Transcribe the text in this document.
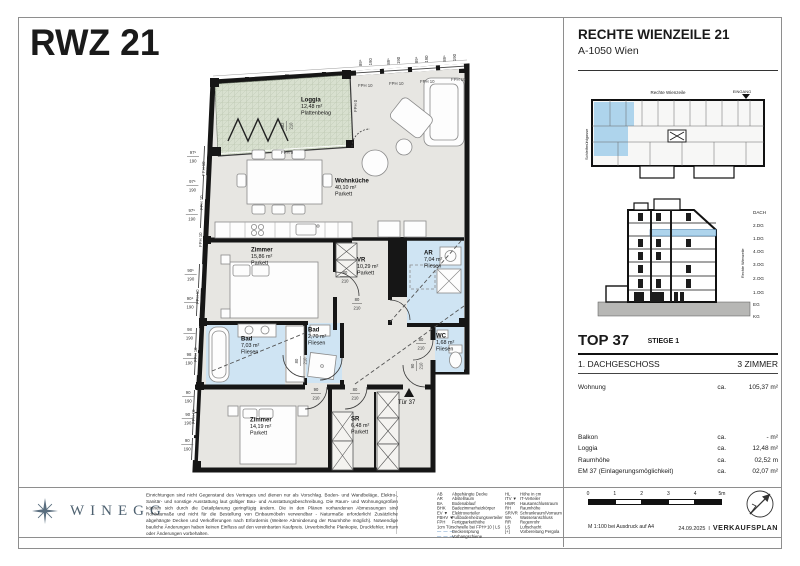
RWZ 21	RECHTE WIENZEILE 21
A-1050 Wien
97⁵
190
97⁵
190
97⁵
190
90⁵
190
90⁵
190
98
190
98
190
90
190
90
190
90
190
89⁵ 190	89⁵ 190	89⁵ 190	89⁵ 190
80
210
80
210
80
210
90 210
80 210
90
210
80
210
482 210
FPH 10	FPH 10	FPH 10	FPH 10
FPH 10
FPH 10
FPH 10
FPH 10
FPH 10
FPH 10
FPH 0
FPH 0
Rechte Wienzeile	EINGANG
Schleifmühlgasse
DACH
2.DG
1.DG
4.OG
3.OG
2.OG
1.OG
EG
KG
Rechte Wienzeile
Loggia
12,48 m²
Plattenbelag
Wohnküche
40,10 m²
Parkett
Zimmer
15,86 m²
Parkett
VR
10,29 m²
Parkett
AR
7,04 m²
Fliesen
Bad
7,03 m²
Fliesen
Bad
2,70 m²
Fliesen
WC
1,68 m²
Fliesen
Zimmer
14,19 m²
Parkett
SR
6,48 m²
Parkett
Tür 37
TOP 37	STIEGE 1
1. DACHGESCHOSS	3 ZIMMER
Wohnung	ca.	105,37 m²
Balkon	ca.	- m²
Loggia	ca.	12,48 m²
Raumhöhe	ca.	02,52 m
EM 37 (Einlagerungsmöglichkeit)	ca.	02,07 m²
WINEGG
Einrichtungen sind nicht Gegenstand des Vertrages und dienen nur als Vorschlag. Boden- und Wandbeläge, Elektro-, Sanitär- und sonstige Ausstattung laut gültiger Bau- und Ausstattungsbeschreibung. Die Raum- und Wohnungsgrößen können sich durch die Detailplanung geringfügig ändern. Die in den Plänen vorhandenen Abmessungen sind Rohbaumaße und nicht für die Bestellung von Einbaumöbeln verwendbar - Naturmaße erforderlich! Zusätzliche abgehängte Decken und Verkofferungen nach Erfordernis (Weitere Abminderung der Raumhöhe möglich). Notwendige bauliche Änderungen haben keinen Einfluss auf den vereinbarten Kaufpreis. Unverbindliche Plankopie, Druckfehler, Irrtum oder Änderungen vorbehalten.
AB	Abgehängte Decke
AR	Abstellraum
BA	Bodenablauf
BHK Badezimmerheizkörper
EV ▼ Elektroverteiler
FBHV ▼
Fußbodenheizungsverteiler
FPH Fertigparketthöhe
1cm Türschwelle bei FPH+10 | LS
— — —
Deckensprung
— — —
Vorhangschiene
HL	Höhe in cm
ITV ▼ IT-Verteiler
HWR Hausanschlussraum
RH	Raumhöhe
SR/VR Schrankraum/Vorraum
WA	Wasseranschluss
RR	Regenrohr
LS	Luftschacht
[+]	Vorbereitung Pergola
0	1	2	3	4	5m
M 1:100 bei Ausdruck auf A4	24.09.2025 I VERKAUFSPLAN
